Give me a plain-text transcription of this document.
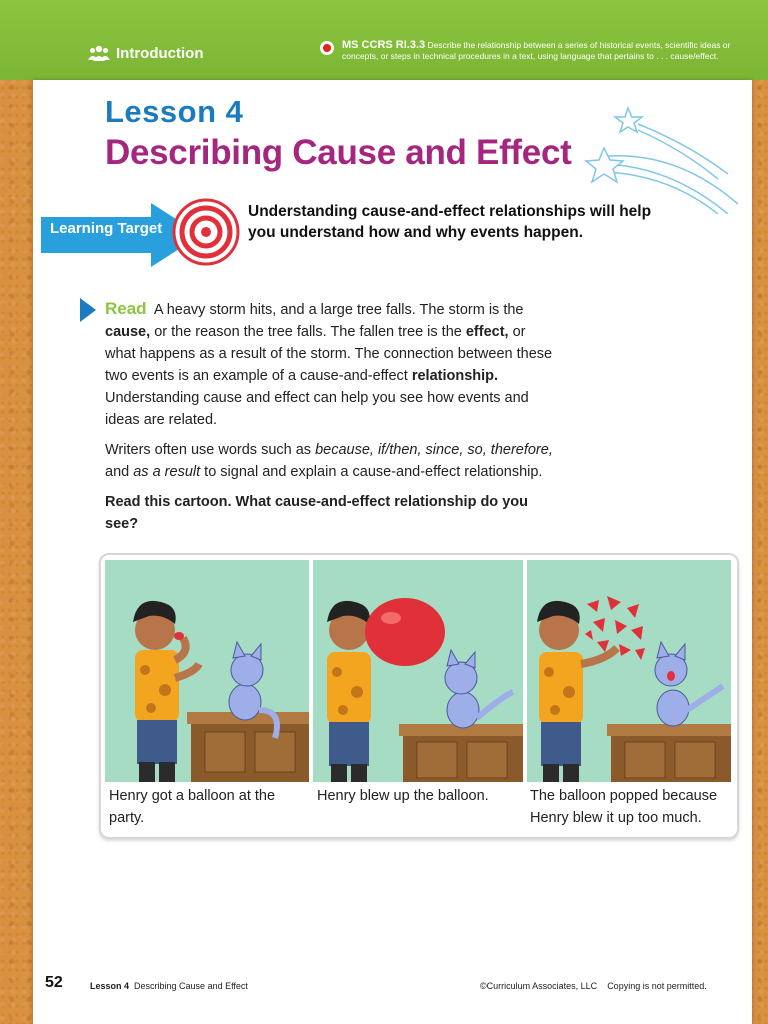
Introduction	MS CCRS RI.3.3 Describe the relationship between a series of historical events, scientific ideas or concepts, or steps in technical procedures in a text, using language that pertains to . . . cause/effect.
Lesson 4
Describing Cause and Effect
Learning Target
Understanding cause-and-effect relationships will help you understand how and why events happen.

Read A heavy storm hits, and a large tree falls. The storm is the cause, or the reason the tree falls. The fallen tree is the effect, or what happens as a result of the storm. The connection between these two events is an example of a cause-and-effect relationship. Understanding cause and effect can help you see how events and ideas are related.

Writers often use words such as because, if/then, since, so, therefore, and as a result to signal and explain a cause-and-effect relationship.

Read this cartoon. What cause-and-effect relationship do you see?

Henry got a balloon at the party.
Henry blew up the balloon.	The balloon popped because Henry blew it up too much.
52	Lesson 4 Describing Cause and Effect	©Curriculum Associates, LLC Copying is not permitted.
